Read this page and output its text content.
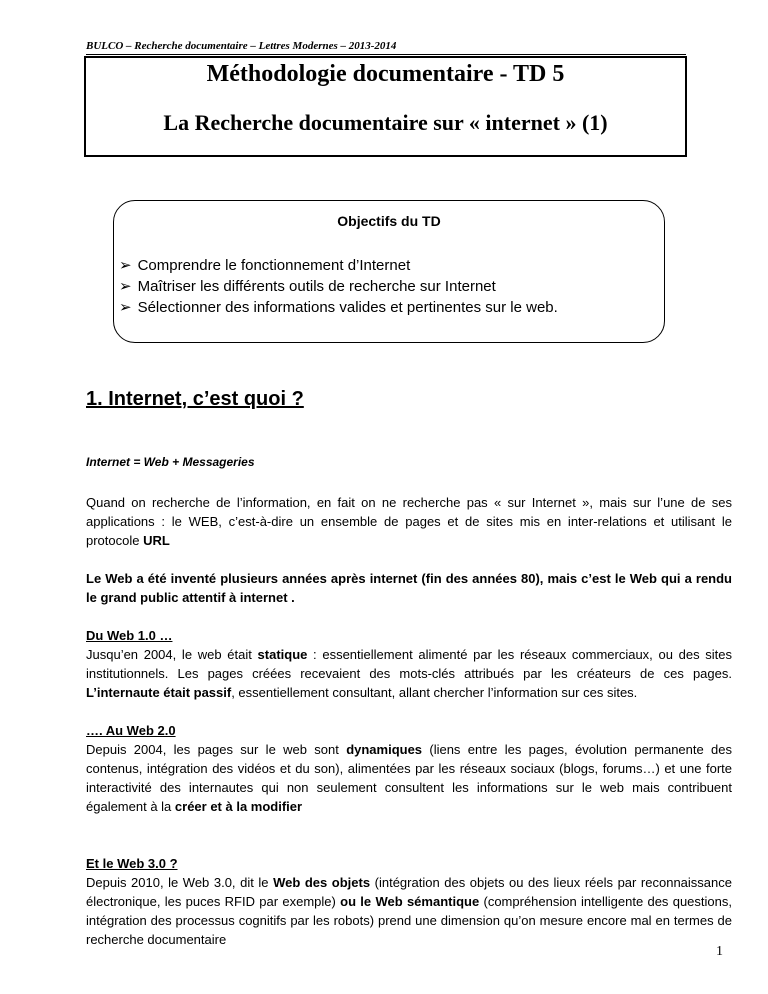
BULCO – Recherche documentaire – Lettres Modernes – 2013-2014
Méthodologie documentaire - TD 5
La Recherche documentaire sur « internet » (1)
Objectifs du TD
➢ Comprendre le fonctionnement d’Internet
➢ Maîtriser les différents outils de recherche sur Internet
➢ Sélectionner des informations valides et pertinentes sur le web.
1. Internet, c’est quoi ?

Internet = Web + Messageries

Quand on recherche de l’information, en fait on ne recherche pas « sur Internet », mais sur l’une de ses applications : le WEB, c’est-à-dire un ensemble de pages et de sites mis en inter-relations et utilisant le protocole URL

Le Web a été inventé plusieurs années après internet (fin des années 80), mais c’est le Web qui a rendu le grand public attentif à internet .

Du Web 1.0 …

Jusqu’en 2004, le web était statique : essentiellement alimenté par les réseaux commerciaux, ou des sites institutionnels. Les pages créées recevaient des mots-clés attribués par les créateurs de ces pages. L’internaute était passif, essentiellement consultant, allant chercher l’information sur ces sites.

…. Au Web 2.0

Depuis 2004, les pages sur le web sont dynamiques (liens entre les pages, évolution permanente des contenus, intégration des vidéos et du son), alimentées par les réseaux sociaux (blogs, forums…) et une forte interactivité des internautes qui non seulement consultent les informations sur le web mais contribuent également à la créer et à la modifier

Et le Web 3.0 ?

Depuis 2010, le Web 3.0, dit le Web des objets (intégration des objets ou des lieux réels par reconnaissance électronique, les puces RFID par exemple) ou le Web sémantique (compréhension intelligente des questions, intégration des processus cognitifs par les robots) prend une dimension qu’on mesure encore mal en termes de recherche documentaire

1
